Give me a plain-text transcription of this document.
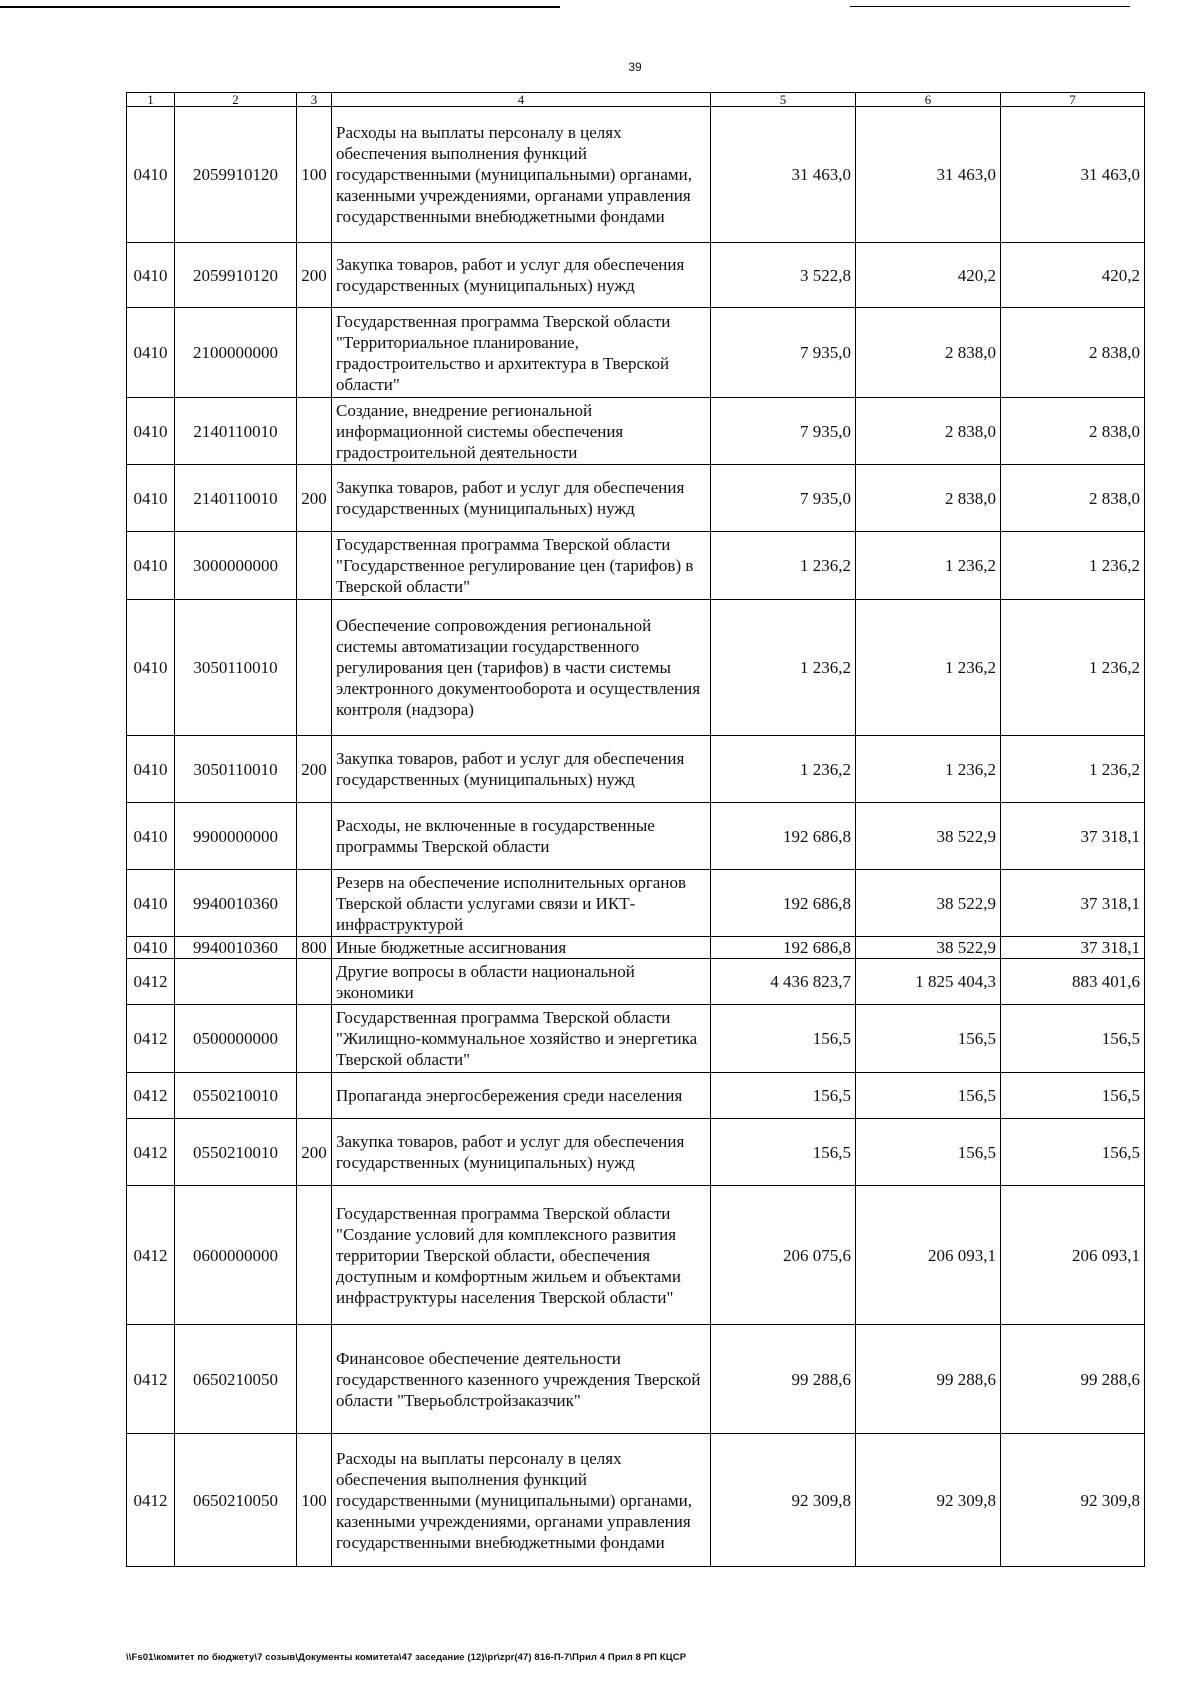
39
1	2	3	4	5	6	7
0410	2059910120	100	Расходы на выплаты персоналу в целях обеспечения выполнения функций государственными (муниципальными) органами, казенными учреждениями, органами управления государственными внебюджетными фондами	31 463,0	31 463,0	31 463,0
0410	2059910120	200	Закупка товаров, работ и услуг для обеспечения государственных (муниципальных) нужд	3 522,8	420,2	420,2
0410	2100000000		Государственная программа Тверской области "Территориальное планирование, градостроительство и архитектура в Тверской области"	7 935,0	2 838,0	2 838,0
0410	2140110010		Создание, внедрение региональной информационной системы обеспечения градостроительной деятельности	7 935,0	2 838,0	2 838,0
0410	2140110010	200	Закупка товаров, работ и услуг для обеспечения государственных (муниципальных) нужд	7 935,0	2 838,0	2 838,0
0410	3000000000		Государственная программа Тверской области "Государственное регулирование цен (тарифов) в Тверской области"	1 236,2	1 236,2	1 236,2
0410	3050110010		Обеспечение сопровождения региональной системы автоматизации государственного регулирования цен (тарифов) в части системы электронного документооборота и осуществления контроля (надзора)	1 236,2	1 236,2	1 236,2
0410	3050110010	200	Закупка товаров, работ и услуг для обеспечения государственных (муниципальных) нужд	1 236,2	1 236,2	1 236,2
0410	9900000000		Расходы, не включенные в государственные программы Тверской области	192 686,8	38 522,9	37 318,1
0410	9940010360		Резерв на обеспечение исполнительных органов Тверской области услугами связи и ИКТ-инфраструктурой	192 686,8	38 522,9	37 318,1
0410	9940010360	800	Иные бюджетные ассигнования	192 686,8	38 522,9	37 318,1
0412			Другие вопросы в области национальной экономики	4 436 823,7	1 825 404,3	883 401,6
0412	0500000000		Государственная программа Тверской области "Жилищно-коммунальное хозяйство и энергетика Тверской области"	156,5	156,5	156,5
0412	0550210010		Пропаганда энергосбережения среди населения	156,5	156,5	156,5
0412	0550210010	200	Закупка товаров, работ и услуг для обеспечения государственных (муниципальных) нужд	156,5	156,5	156,5
0412	0600000000		Государственная программа Тверской области "Создание условий для комплексного развития территории Тверской области, обеспечения доступным и комфортным жильем и объектами инфраструктуры населения Тверской области"	206 075,6	206 093,1	206 093,1
0412	0650210050		Финансовое обеспечение деятельности государственного казенного учреждения Тверской области "Тверьоблстройзаказчик"	99 288,6	99 288,6	99 288,6
0412	0650210050	100	Расходы на выплаты персоналу в целях обеспечения выполнения функций государственными (муниципальными) органами, казенными учреждениями, органами управления государственными внебюджетными фондами	92 309,8	92 309,8	92 309,8
\\Fs01\комитет по бюджету\7 созыв\Документы комитета\47 заседание (12)\pr\zpr(47) 816-П-7\Прил 4 Прил 8 РП КЦСР
